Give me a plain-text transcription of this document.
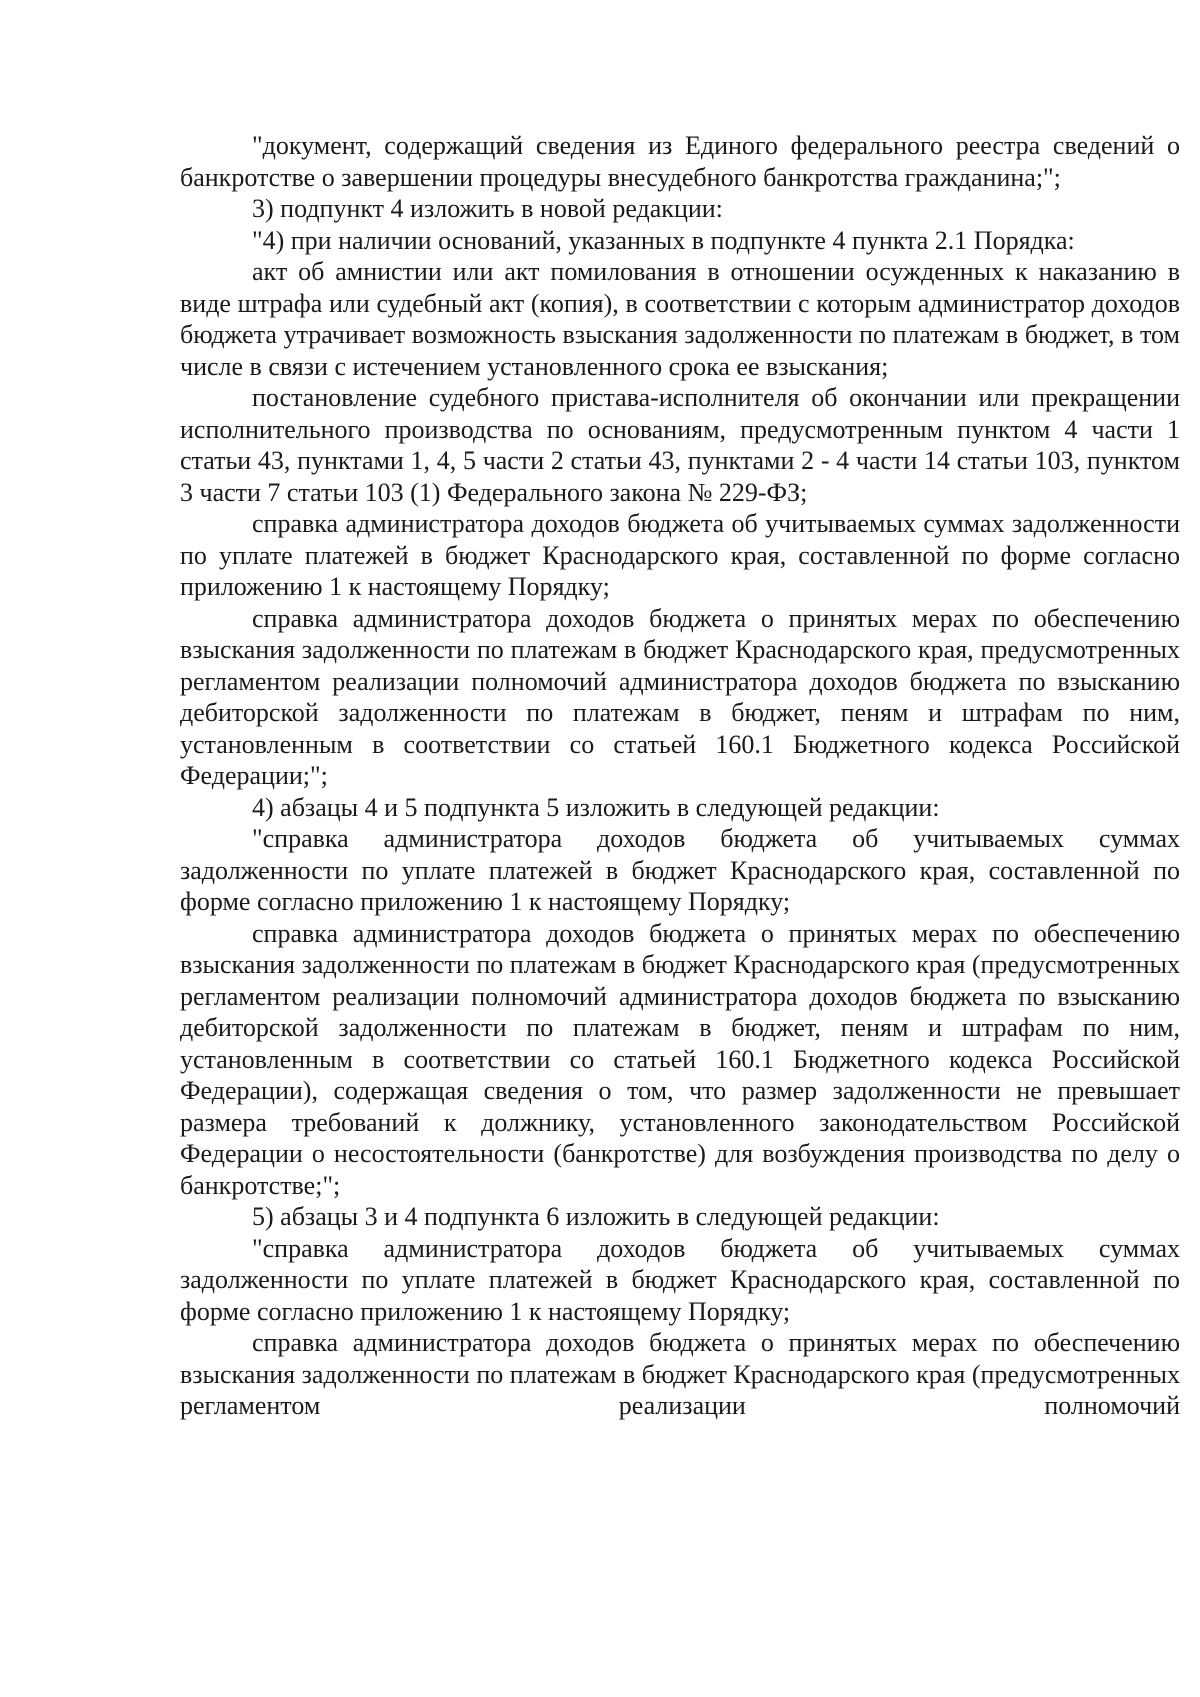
"документ, содержащий сведения из Единого федерального реестра сведений о банкротстве о завершении процедуры внесудебного банкротства гражданина;";

3) подпункт 4 изложить в новой редакции:

"4) при наличии оснований, указанных в подпункте 4 пункта 2.1 Порядка:

акт об амнистии или акт помилования в отношении осужденных к наказанию в виде штрафа или судебный акт (копия), в соответствии с которым администратор доходов бюджета утрачивает возможность взыскания задолженности по платежам в бюджет, в том числе в связи с истечением установленного срока ее взыскания;

постановление судебного пристава-исполнителя об окончании или прекращении исполнительного производства по основаниям, предусмотренным пунктом 4 части 1 статьи 43, пунктами 1, 4, 5 части 2 статьи 43, пунктами 2 - 4 части 14 статьи 103, пунктом 3 части 7 статьи 103 (1) Федерального закона № 229-ФЗ;

справка администратора доходов бюджета об учитываемых суммах задолженности по уплате платежей в бюджет Краснодарского края, составленной по форме согласно приложению 1 к настоящему Порядку;

справка администратора доходов бюджета о принятых мерах по обеспечению взыскания задолженности по платежам в бюджет Краснодарского края, предусмотренных регламентом реализации полномочий администратора доходов бюджета по взысканию дебиторской задолженности по платежам в бюджет, пеням и штрафам по ним, установленным в соответствии со статьей 160.1 Бюджетного кодекса Российской Федерации;";

4) абзацы 4 и 5 подпункта 5 изложить в следующей редакции:

"справка администратора доходов бюджета об учитываемых суммах задолженности по уплате платежей в бюджет Краснодарского края, составленной по форме согласно приложению 1 к настоящему Порядку;

справка администратора доходов бюджета о принятых мерах по обеспечению взыскания задолженности по платежам в бюджет Краснодарского края (предусмотренных регламентом реализации полномочий администратора доходов бюджета по взысканию дебиторской задолженности по платежам в бюджет, пеням и штрафам по ним, установленным в соответствии со статьей 160.1 Бюджетного кодекса Российской Федерации), содержащая сведения о том, что размер задолженности не превышает размера требований к должнику, установленного законодательством Российской Федерации о несостоятельности (банкротстве) для возбуждения производства по делу о банкротстве;";

5) абзацы 3 и 4 подпункта 6 изложить в следующей редакции:

"справка администратора доходов бюджета об учитываемых суммах задолженности по уплате платежей в бюджет Краснодарского края, составленной по форме согласно приложению 1 к настоящему Порядку;

справка администратора доходов бюджета о принятых мерах по обеспечению взыскания задолженности по платежам в бюджет Краснодарского края (предусмотренных регламентом реализации полномочий
